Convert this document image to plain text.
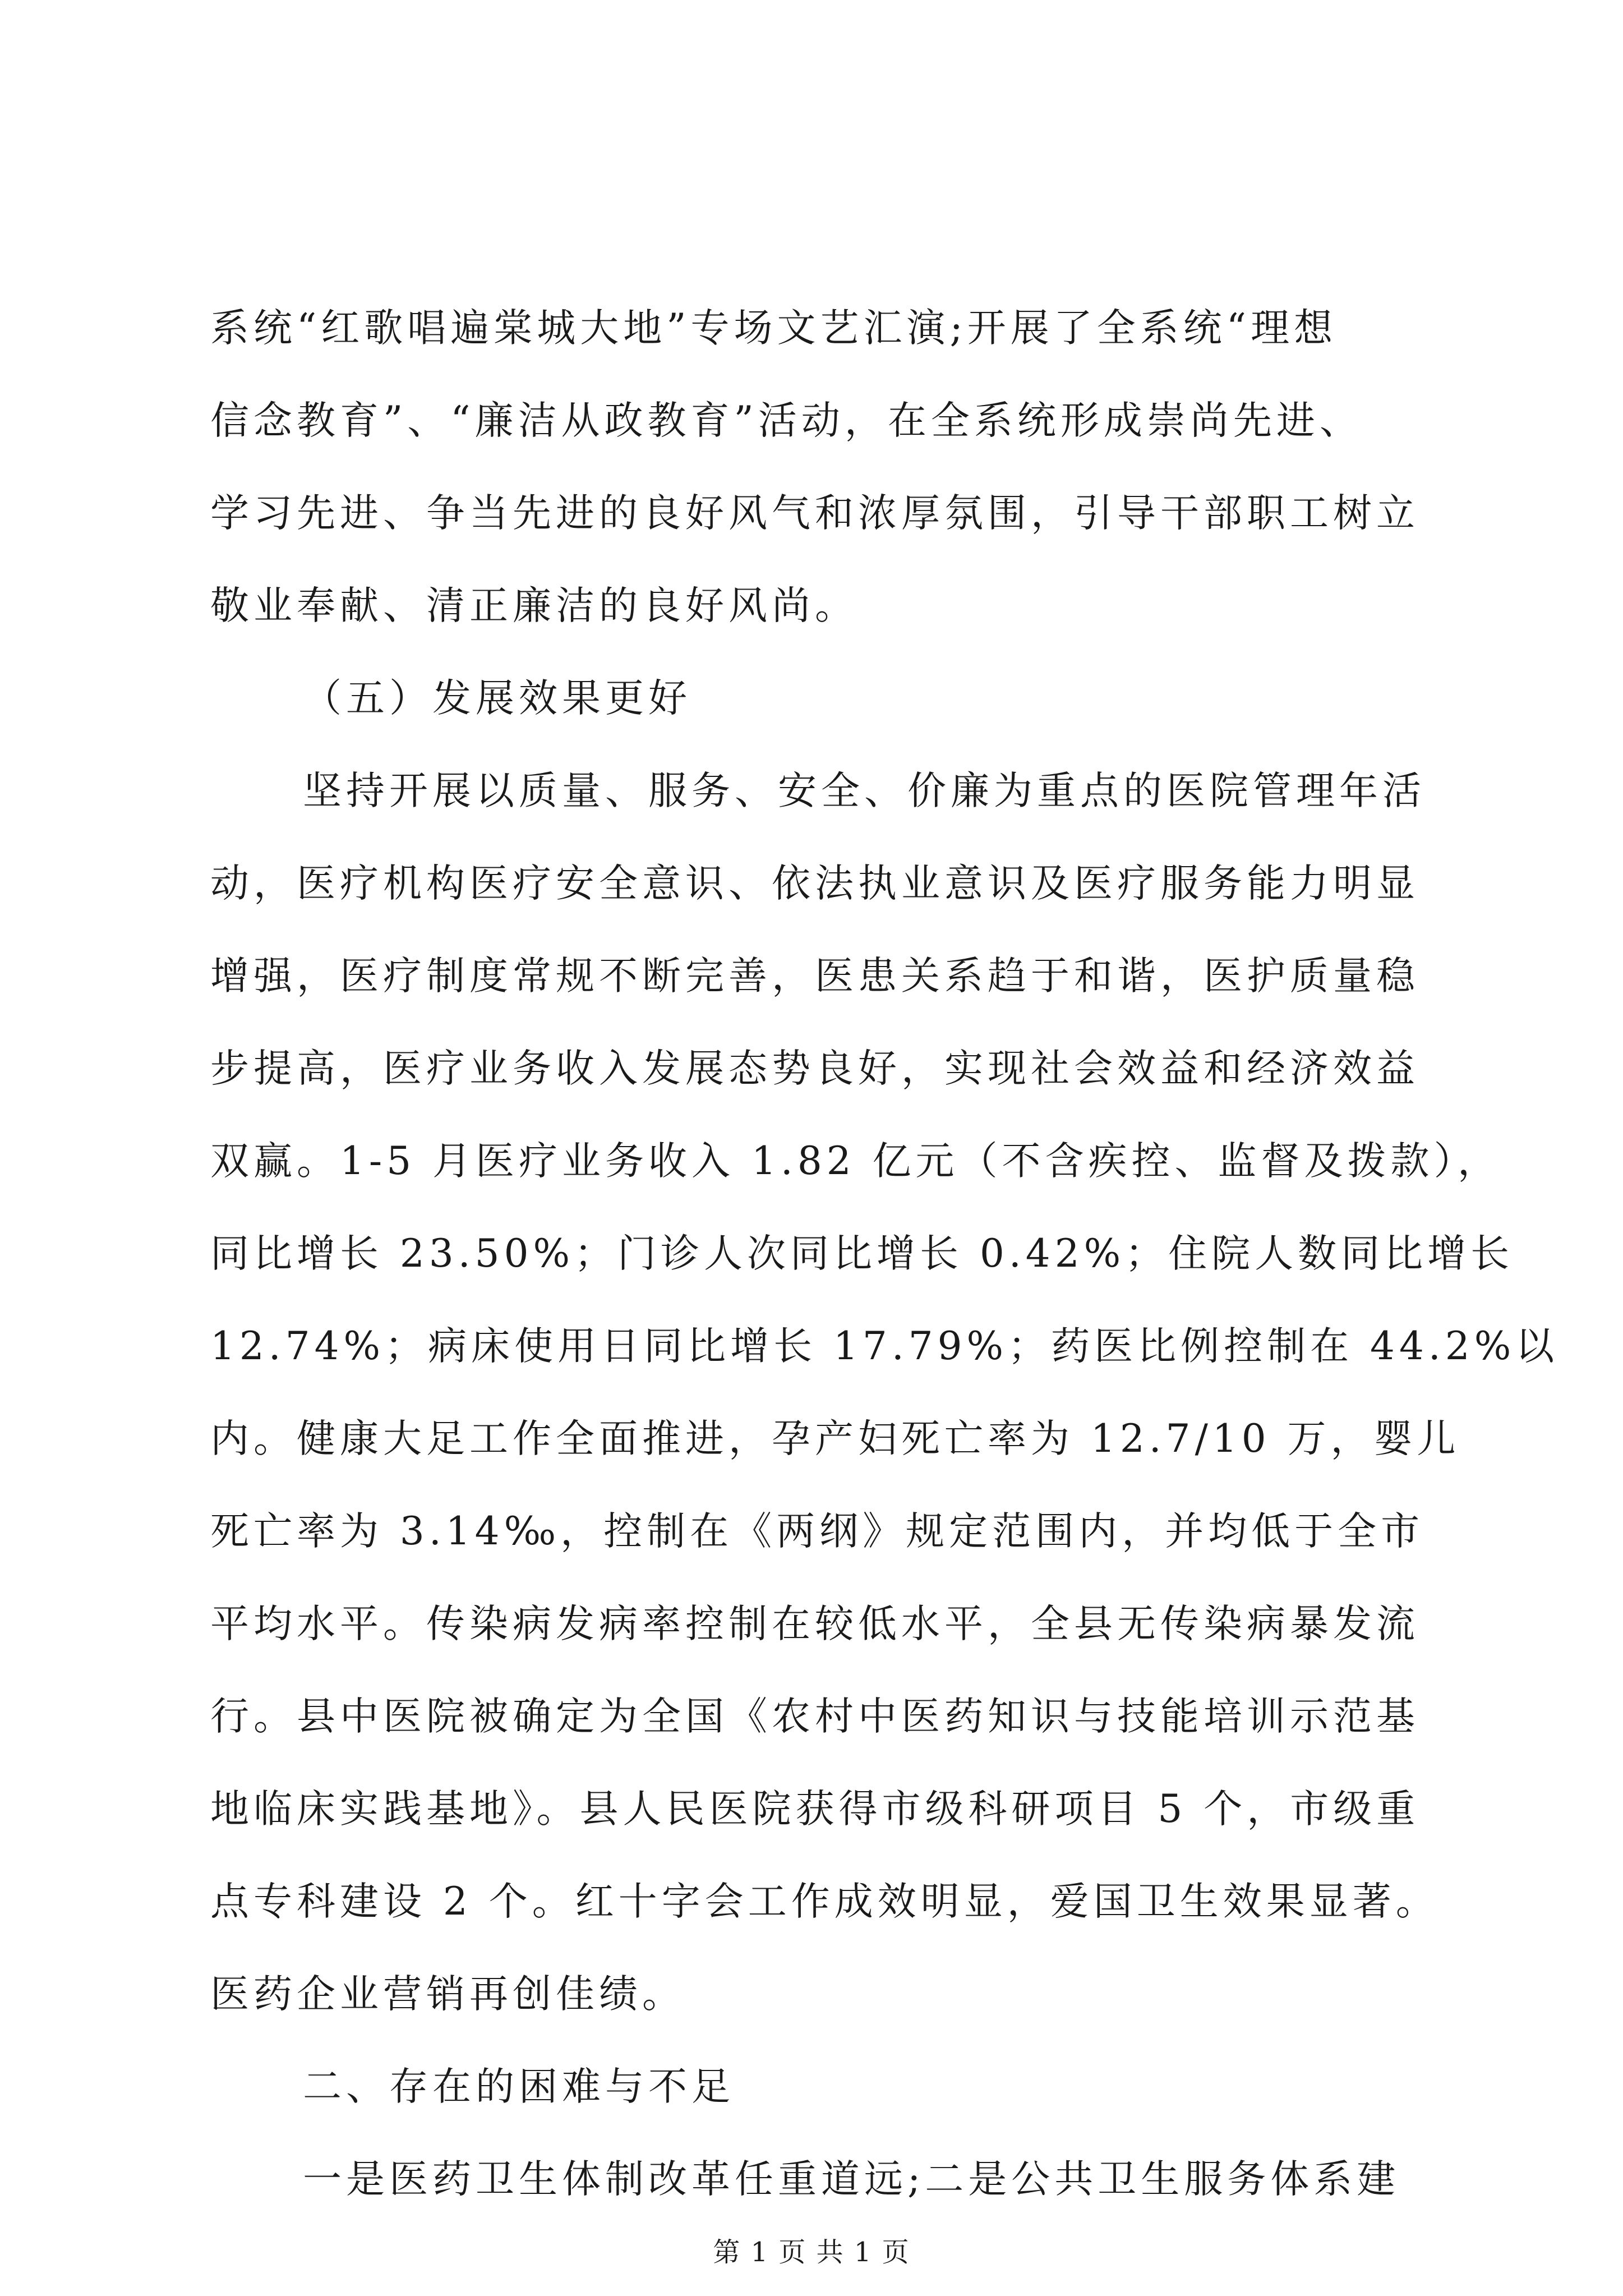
系统“红歌唱遍棠城大地”专场文艺汇演;开展了全系统“理想
信念教育”、“廉洁从政教育”活动，在全系统形成崇尚先进、
学习先进、争当先进的良好风气和浓厚氛围，引导干部职工树立
敬业奉献、清正廉洁的良好风尚。
（五）发展效果更好
坚持开展以质量、服务、安全、价廉为重点的医院管理年活
动，医疗机构医疗安全意识、依法执业意识及医疗服务能力明显
增强，医疗制度常规不断完善，医患关系趋于和谐，医护质量稳
步提高，医疗业务收入发展态势良好，实现社会效益和经济效益
双赢。1-5 月医疗业务收入 1.82 亿元（不含疾控、监督及拨款），
同比增长 23.50%；门诊人次同比增长 0.42%；住院人数同比增长
12.74%；病床使用日同比增长 17.79%；药医比例控制在 44.2%以
内。健康大足工作全面推进，孕产妇死亡率为 12.7/10 万，婴儿
死亡率为 3.14‰，控制在《两纲》规定范围内，并均低于全市
平均水平。传染病发病率控制在较低水平，全县无传染病暴发流
行。县中医院被确定为全国《农村中医药知识与技能培训示范基
地临床实践基地》。县人民医院获得市级科研项目 5 个，市级重
点专科建设 2 个。红十字会工作成效明显，爱国卫生效果显著。
医药企业营销再创佳绩。
二、存在的困难与不足
一是医药卫生体制改革任重道远;二是公共卫生服务体系建
第 1 页 共 1 页
